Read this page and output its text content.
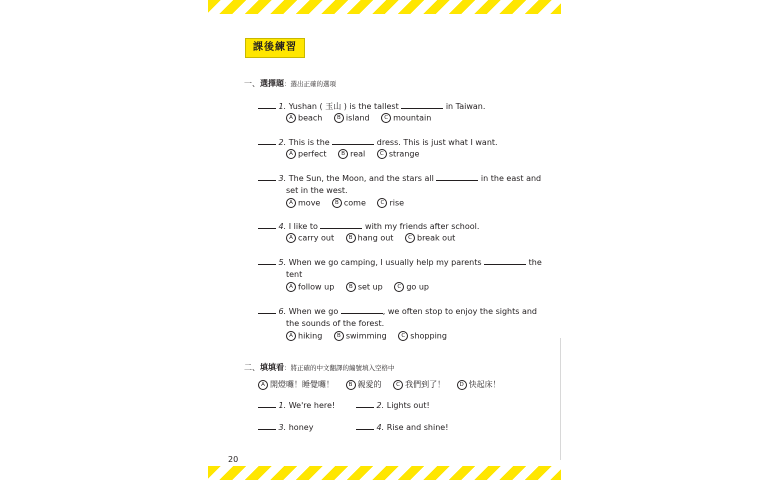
課後練習
一、選擇題：選出正確的選項
1. Yushan ( 玉山 ) is the tallest	in Taiwan.
A beach	B island	C mountain
2. This is the	dress. This is just what I want.
A perfect	B real	C strange
3. The Sun, the Moon, and the stars all	in the east and
set in the west.
A move	B come	C rise
4. I like to	with my friends after school.
A carry out	B hang out	C break out
5. When we go camping, I usually help my parents	the
tent
A follow up	B set up	C go up
6. When we go	, we often stop to enjoy the sights and
the sounds of the forest.
A hiking	B swimming	C shopping
二、填填看：將正確的中文翻譯的編號填入空格中
A 開燈囉！睡覺囉！	B 親愛的	C 我們到了！	D 快起床！
1. We're here!	2. Lights out!
3. honey	4. Rise and shine!
20
